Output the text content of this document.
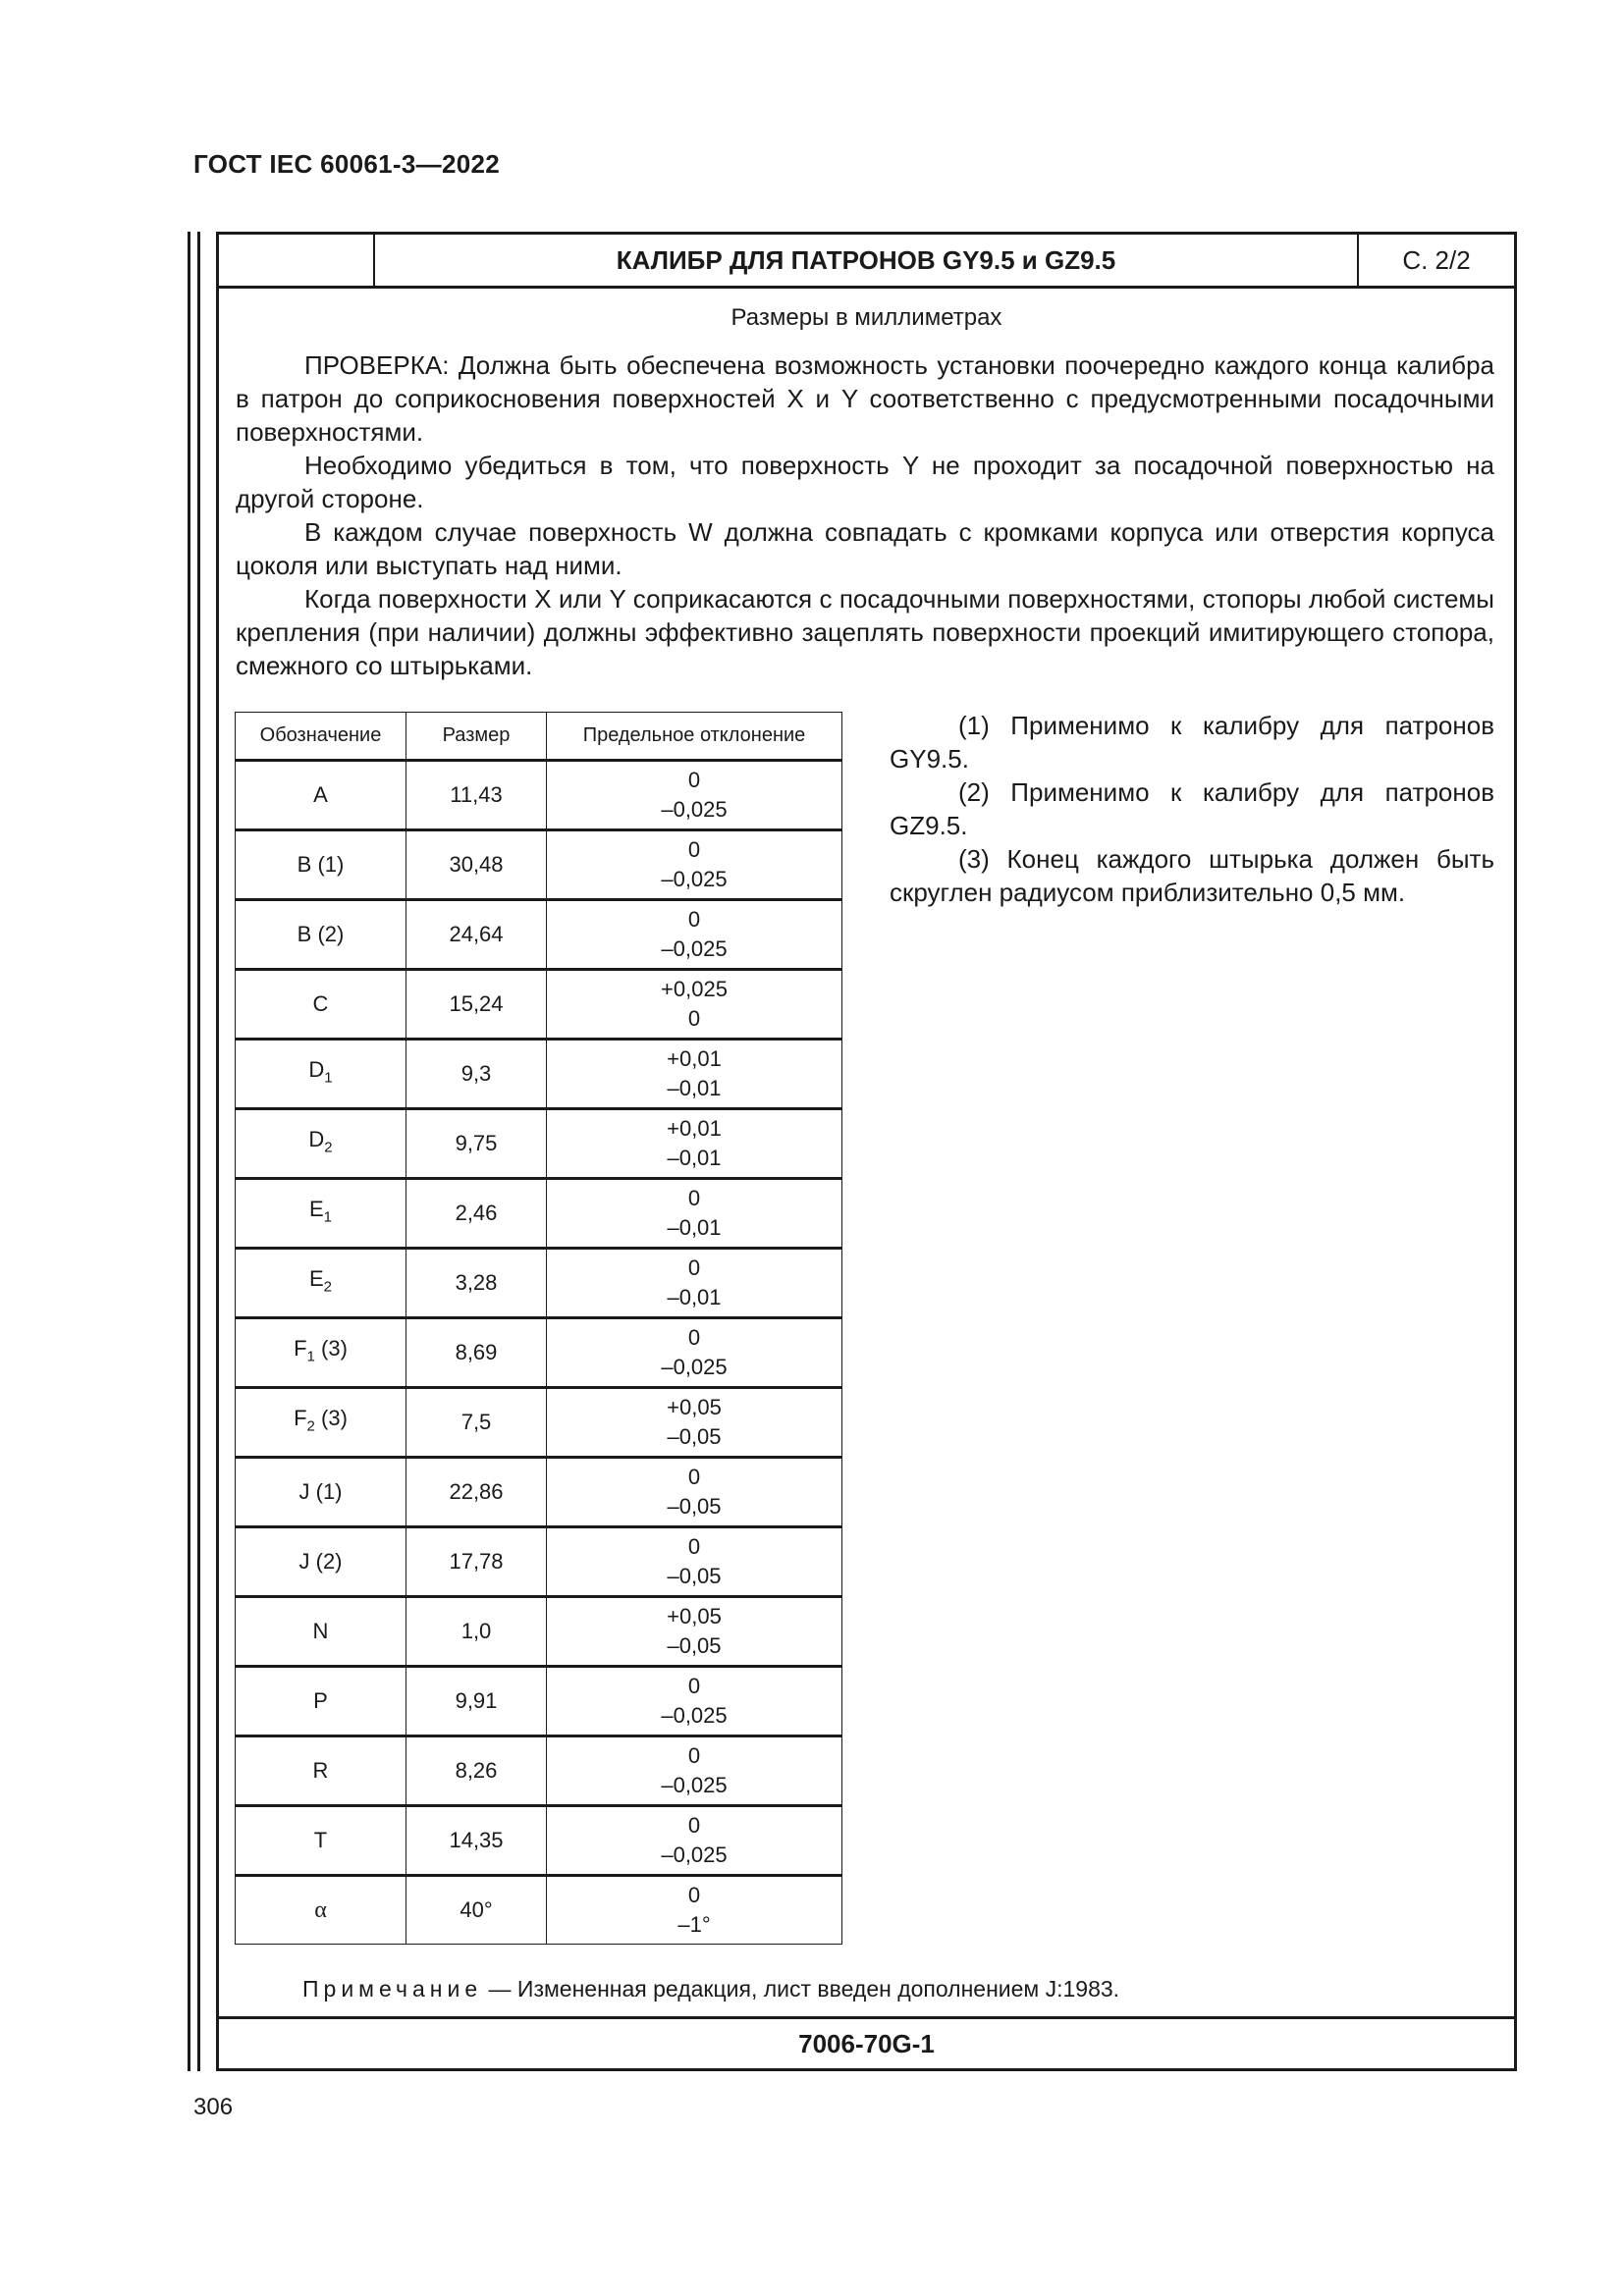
ГОСТ IEC 60061-3—2022
КАЛИБР ДЛЯ ПАТРОНОВ GY9.5 и GZ9.5	С. 2/2
Размеры в миллиметрах

ПРОВЕРКА: Должна быть обеспечена возможность установки поочередно каждого конца калибра в патрон до соприкосновения поверхностей X и Y соответственно с предусмотренными посадочными поверхностями.

Необходимо убедиться в том, что поверхность Y не проходит за посадочной поверхностью на другой стороне.

В каждом случае поверхность W должна совпадать с кромками корпуса или отверстия корпуса цоколя или выступать над ними.

Когда поверхности X или Y соприкасаются с посадочными поверхностями, стопоры любой системы крепления (при наличии) должны эффективно зацеплять поверхности проекций имитирующего стопора, смежного со штырьками.

Обозначение	Размер	Предельное отклонение
A	11,43	0
–0,025

B (1)	30,48	0
–0,025

B (2)	24,64	0
–0,025

C	15,24	+0,025
0

$D_1$	9,3	+0,01
–0,01

$D_2$	9,75	+0,01
–0,01

$E_1$	2,46	0
–0,01

$E_2$	3,28	0
–0,01

$F_1$ (3)	8,69	0
–0,025

$F_2$ (3)	7,5	+0,05
–0,05

J (1)	22,86	0
–0,05

J (2)	17,78	0
–0,05

N	1,0	+0,05
–0,05

P	9,91	0
–0,025

R	8,26	0
–0,025

T	14,35	0
–0,025

α	40°	0
–1°

(1) Применимо к калибру для патронов GY9.5.

(2) Применимо к калибру для патронов GZ9.5.

(3) Конец каждого штырька должен быть скруглен радиусом приблизительно 0,5 мм.

Примечание — Измененная редакция, лист введен дополнением J:1983.
7006-70G-1
306
